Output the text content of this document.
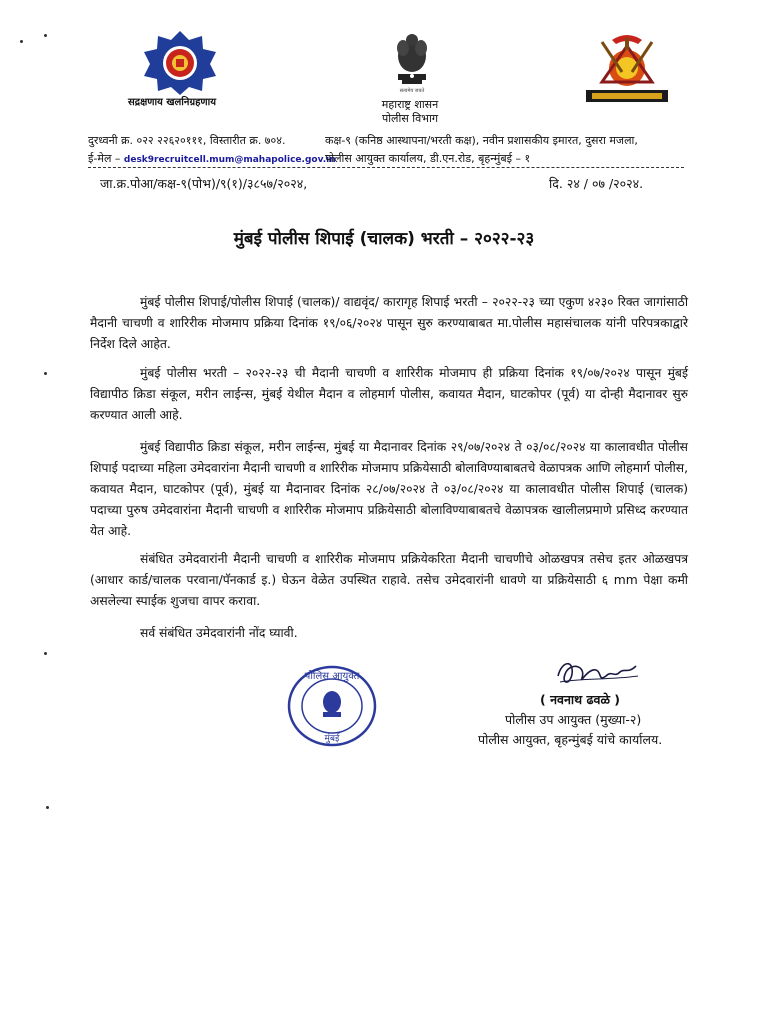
सद्रक्षणाय खलनिग्रहणाय	महाराष्ट्र शासन
पोलीस विभाग
सत्यमेव जयते
दुरध्वनी क्र. ०२२ २२६२०१११, विस्तारीत क्र. ७०४.
ई-मेल – desk9recruitcell.mum@mahapolice.gov.in
कक्ष-९ (कनिष्ठ आस्थापना/भरती कक्ष), नवीन प्रशासकीय इमारत, दुसरा मजला,
पोलीस आयुक्त कार्यालय, डी.एन.रोड, बृहन्मुंबई – १
जा.क्र.पोआ/कक्ष-९(पोभ)/९(१)/३८५७/२०२४,	दि. २४ / ०७ /२०२४.
मुंबई पोलीस शिपाई (चालक) भरती – २०२२-२३
मुंबई पोलीस शिपाई/पोलीस शिपाई (चालक)/ वाद्यवृंद/ कारागृह शिपाई भरती – २०२२-२३ च्या एकुण ४२३० रिक्त जागांसाठी मैदानी चाचणी व शारिरीक मोजमाप प्रक्रिया दिनांक १९/०६/२०२४ पासून सुरु करण्याबाबत मा.पोलीस महासंचालक यांनी परिपत्रकाद्वारे निर्देश दिले आहेत.
मुंबई पोलीस भरती – २०२२-२३ ची मैदानी चाचणी व शारिरीक मोजमाप ही प्रक्रिया दिनांक १९/०७/२०२४ पासून मुंबई विद्यापीठ क्रिडा संकूल, मरीन लाईन्स, मुंबई येथील मैदान व लोहमार्ग पोलीस, कवायत मैदान, घाटकोपर (पूर्व) या दोन्ही मैदानावर सुरु करण्यात आली आहे.
मुंबई विद्यापीठ क्रिडा संकूल, मरीन लाईन्स, मुंबई या मैदानावर दिनांक २९/०७/२०२४ ते ०३/०८/२०२४ या कालावधीत पोलीस शिपाई पदाच्या महिला उमेदवारांना मैदानी चाचणी व शारिरीक मोजमाप प्रक्रियेसाठी बोलाविण्याबाबतचे वेळापत्रक आणि लोहमार्ग पोलीस, कवायत मैदान, घाटकोपर (पूर्व), मुंबई या मैदानावर दिनांक २८/०७/२०२४ ते ०३/०८/२०२४ या कालावधीत पोलीस शिपाई (चालक) पदाच्या पुरुष उमेदवारांना मैदानी चाचणी व शारिरीक मोजमाप प्रक्रियेसाठी बोलाविण्याबाबतचे वेळापत्रक खालीलप्रमाणे प्रसिध्द करण्यात येत आहे.
संबंधित उमेदवारांनी मैदानी चाचणी व शारिरीक मोजमाप प्रक्रियेकरिता मैदानी चाचणीचे ओळखपत्र तसेच इतर ओळखपत्र (आधार कार्ड/चालक परवाना/पॅनकार्ड इ.) घेऊन वेळेत उपस्थित राहावे. तसेच उमेदवारांनी धावणे या प्रक्रियेसाठी ६ mm पेक्षा कमी असलेल्या स्पाईक शुजचा वापर करावा.
सर्व संबंधित उमेदवारांनी नोंद घ्यावी.
पोलिस आयुक्त
मुंबई
( नवनाथ ढवळे )
पोलीस उप आयुक्त (मुख्या-२)
पोलीस आयुक्त, बृहन्मुंबई यांचे कार्यालय.
